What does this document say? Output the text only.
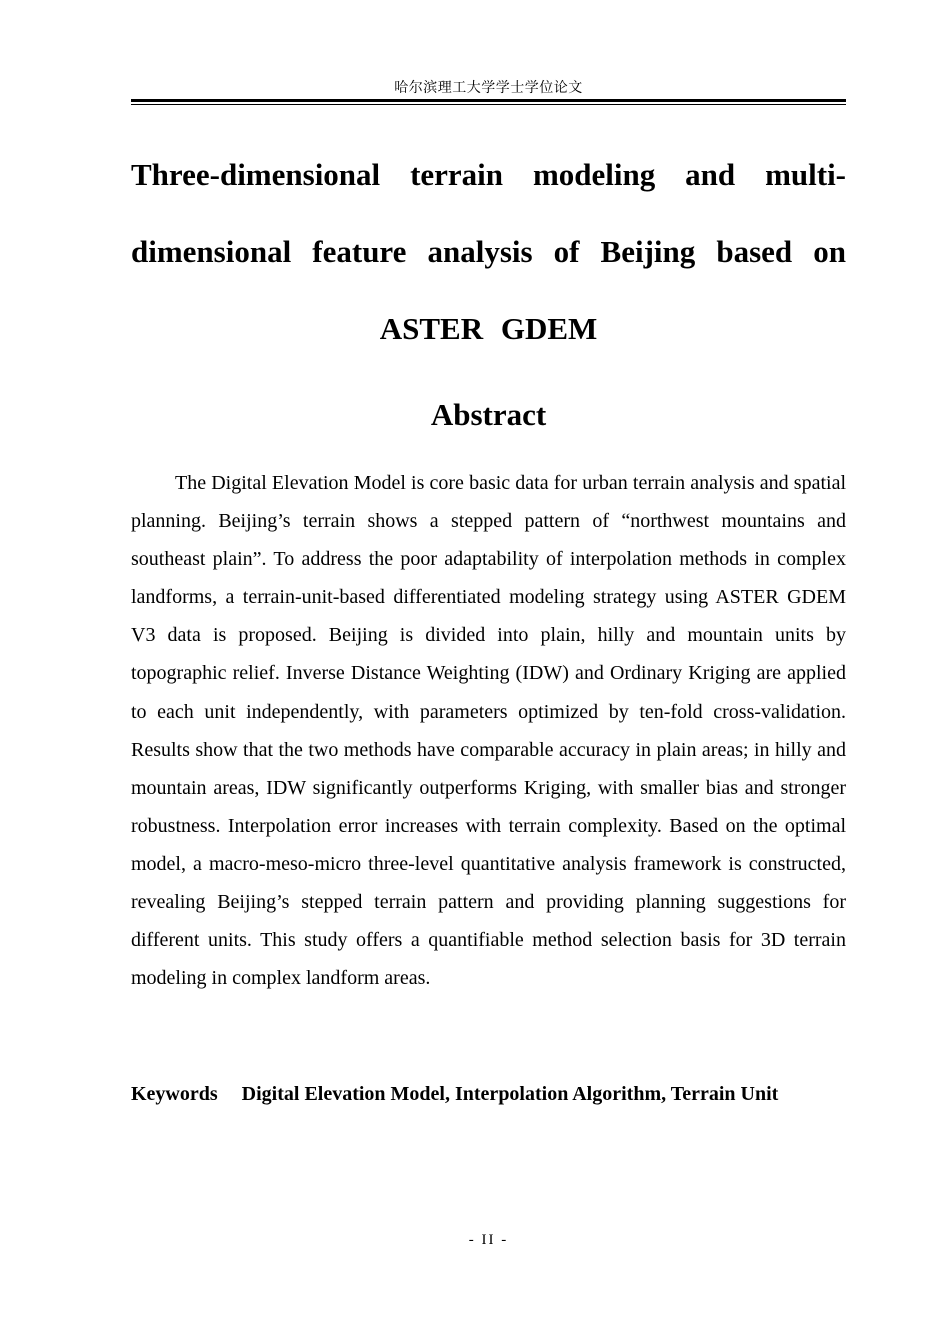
哈尔滨理工大学学士学位论文
Three-dimensional terrain modeling and multi-dimensional feature analysis of Beijing based on ASTER GDEM
Abstract

The Digital Elevation Model is core basic data for urban terrain analysis and spatial planning. Beijing’s terrain shows a stepped pattern of “northwest mountains and southeast plain”. To address the poor adaptability of interpolation methods in complex landforms, a terrain-unit-based differentiated modeling strategy using ASTER GDEM V3 data is proposed. Beijing is divided into plain, hilly and mountain units by topographic relief. Inverse Distance Weighting (IDW) and Ordinary Kriging are applied to each unit independently, with parameters optimized by ten-fold cross-validation. Results show that the two methods have comparable accuracy in plain areas; in hilly and mountain areas, IDW significantly outperforms Kriging, with smaller bias and stronger robustness. Interpolation error increases with terrain complexity. Based on the optimal model, a macro-meso-micro three-level quantitative analysis framework is constructed, revealing Beijing’s stepped terrain pattern and providing planning suggestions for different units. This study offers a quantifiable method selection basis for 3D terrain modeling in complex landform areas.

Keywords Digital Elevation Model, Interpolation Algorithm, Terrain Unit

- II -
